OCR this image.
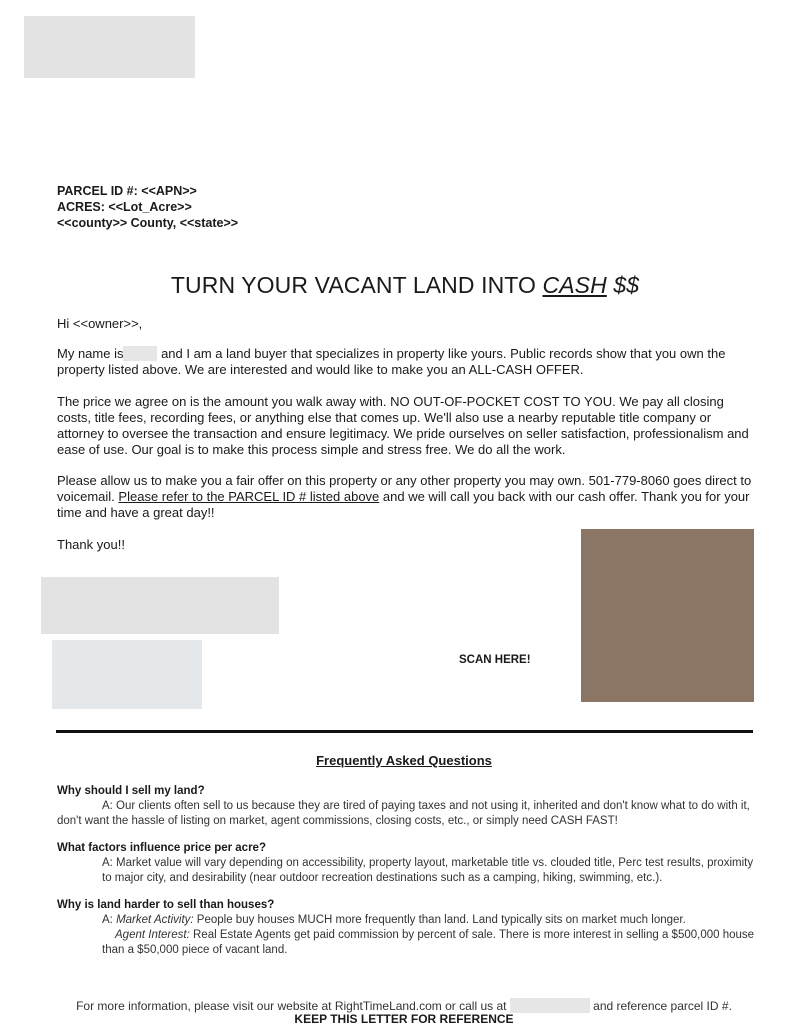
PARCEL ID #: <<APN>>
ACRES: <<Lot_Acre>>
<<county>> County, <<state>>
TURN YOUR VACANT LAND INTO CASH $$
Hi <<owner>>,
My name is	and I am a land buyer that specializes in property like yours. Public records show that you own the property listed above. We are interested and would like to make you an ALL-CASH OFFER.
The price we agree on is the amount you walk away with. NO OUT-OF-POCKET COST TO YOU. We pay all closing costs, title fees, recording fees, or anything else that comes up. We'll also use a nearby reputable title company or attorney to oversee the transaction and ensure legitimacy. We pride ourselves on seller satisfaction, professionalism and ease of use. Our goal is to make this process simple and stress free. We do all the work.
Please allow us to make you a fair offer on this property or any other property you may own. 501-779-8060 goes direct to voicemail. Please refer to the PARCEL ID # listed above and we will call you back with our cash offer. Thank you for your time and have a great day!!
Thank you!!
SCAN HERE!
Frequently Asked Questions
Why should I sell my land?
A: Our clients often sell to us because they are tired of paying taxes and not using it, inherited and don't know what to do with it, don't want the hassle of listing on market, agent commissions, closing costs, etc., or simply need CASH FAST!
What factors influence price per acre?
A: Market value will vary depending on accessibility, property layout, marketable title vs. clouded title, Perc test results, proximity to major city, and desirability (near outdoor recreation destinations such as a camping, hiking, swimming, etc.).
Why is land harder to sell than houses?
A: Market Activity: People buy houses MUCH more frequently than land. Land typically sits on market much longer.
Agent Interest: Real Estate Agents get paid commission by percent of sale. There is more interest in selling a $500,000 house than a $50,000 piece of vacant land.
For more information, please visit our website at RightTimeLand.com or call us at	and reference parcel ID #.
KEEP THIS LETTER FOR REFERENCE
